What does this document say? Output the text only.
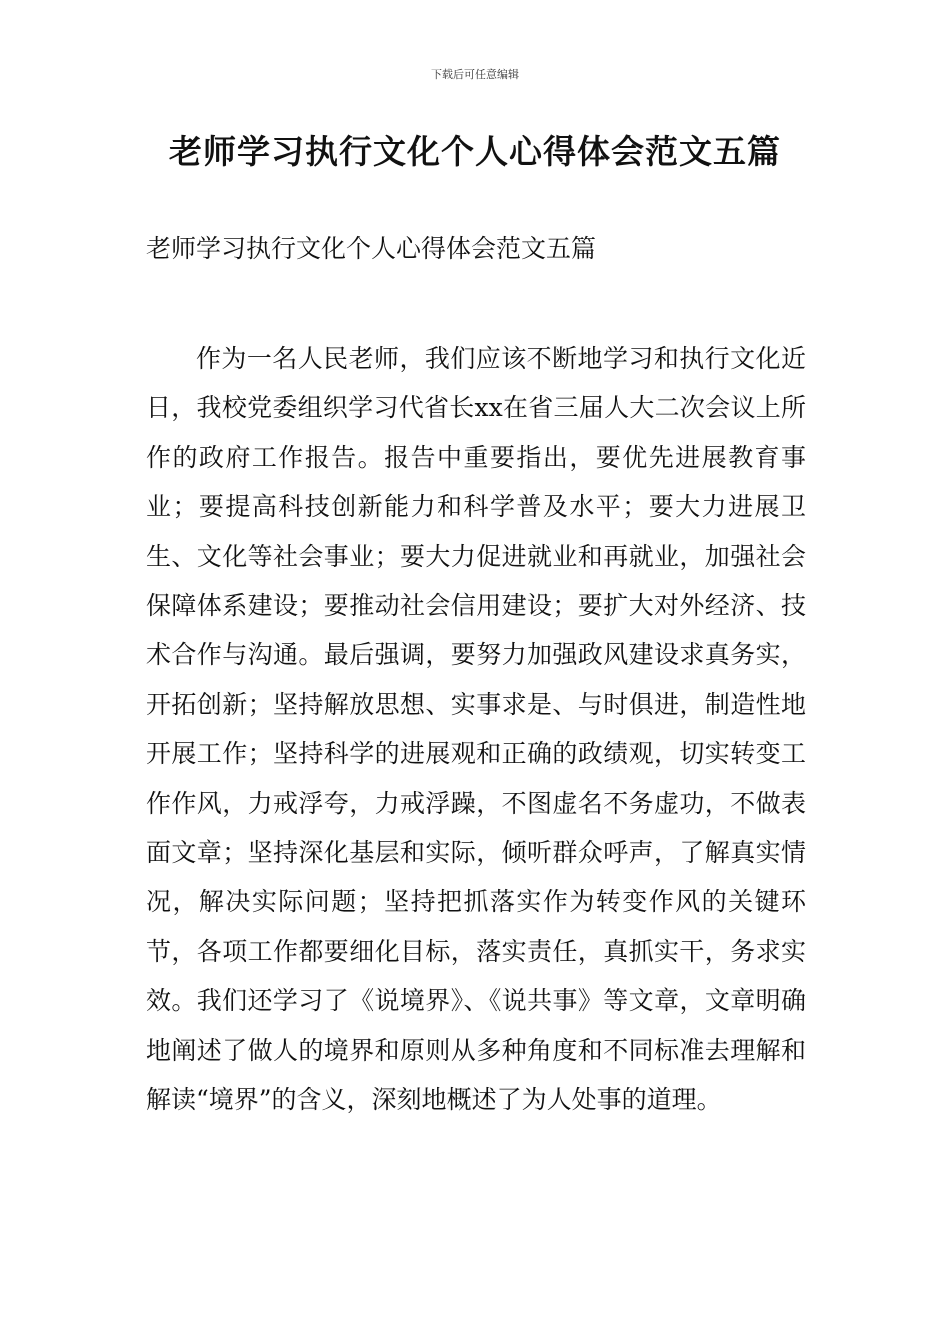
下载后可任意编辑
老师学习执行文化个人心得体会范文五篇
老师学习执行文化个人心得体会范文五篇

作为一名人民老师，我们应该不断地学习和执行文化近日，我校党委组织学习代省长xx在省三届人大二次会议上所作的政府工作报告。报告中重要指出，要优先进展教育事业；要提高科技创新能力和科学普及水平；要大力进展卫生、文化等社会事业；要大力促进就业和再就业，加强社会保障体系建设；要推动社会信用建设；要扩大对外经济、技术合作与沟通。最后强调，要努力加强政风建设求真务实，开拓创新；坚持解放思想、实事求是、与时俱进，制造性地开展工作；坚持科学的进展观和正确的政绩观，切实转变工作作风，力戒浮夸，力戒浮躁，不图虚名不务虚功，不做表面文章；坚持深化基层和实际，倾听群众呼声，了解真实情况，解决实际问题；坚持把抓落实作为转变作风的关键环节，各项工作都要细化目标，落实责任，真抓实干，务求实效。我们还学习了《说境界》、《说共事》等文章，文章明确地阐述了做人的境界和原则从多种角度和不同标准去理解和解读“境界”的含义，深刻地概述了为人处事的道理。
